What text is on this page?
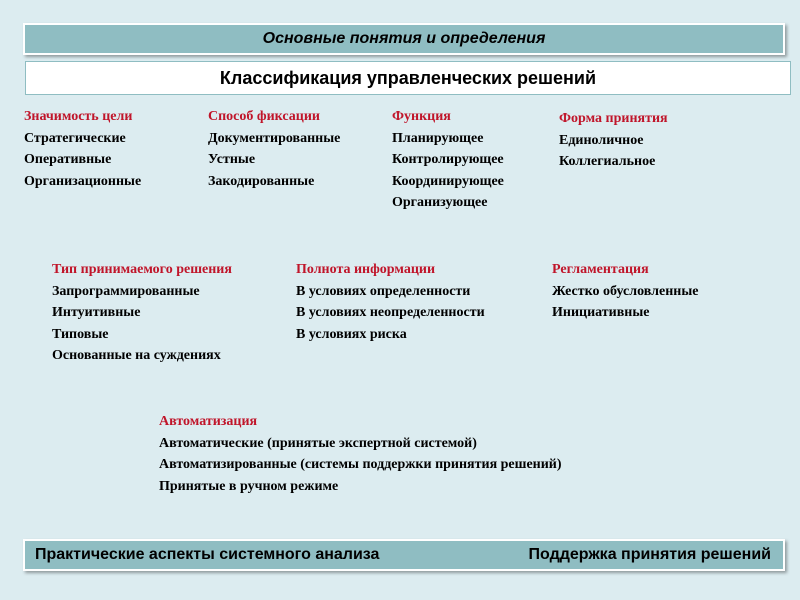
Основные понятия и определения
Классификация управленческих решений
Значимость цели
Стратегические
Оперативные
Организационные
Способ фиксации
Документированные
Устные
Закодированные
Функция
Планирующее
Контролирующее
Координирующее
Организующее
Форма принятия
Единоличное
Коллегиальное
Тип принимаемого решения
Запрограммированные
Интуитивные
Типовые
Основанные на суждениях
Полнота информации
В условиях определенности
В условиях неопределенности
В условиях риска
Регламентация
Жестко обусловленные
Инициативные
Автоматизация
Автоматические (принятые экспертной системой)
Автоматизированные (системы поддержки принятия решений)
Принятые в ручном режиме
Практические аспекты системного анализа	Поддержка принятия решений
